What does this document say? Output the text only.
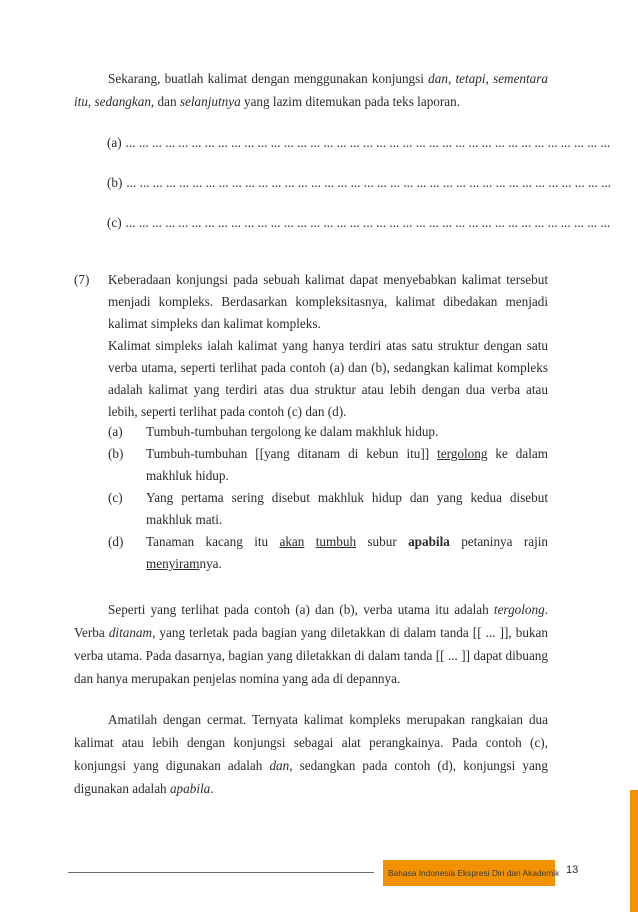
Sekarang, buatlah kalimat dengan menggunakan konjungsi dan, tetapi, sementara itu, sedangkan, dan selanjutnya yang lazim ditemukan pada teks laporan.

(a) ... ... ... ... ... ... ... ... ... ... ... ... ... ... ... ... ... ... ... ... ... ... ... ... ... ... ... ... ... ... ... ... ... ... ... ... ...
(b) ... ... ... ... ... ... ... ... ... ... ... ... ... ... ... ... ... ... ... ... ... ... ... ... ... ... ... ... ... ... ... ... ... ... ... ... ...
(c) ... ... ... ... ... ... ... ... ... ... ... ... ... ... ... ... ... ... ... ... ... ... ... ... ... ... ... ... ... ... ... ... ... ... ... ... ...
(7) Keberadaan konjungsi pada sebuah kalimat dapat menyebabkan kalimat tersebut menjadi kompleks. Berdasarkan kompleksitasnya, kalimat dibedakan menjadi kalimat simpleks dan kalimat kompleks.

Kalimat simpleks ialah kalimat yang hanya terdiri atas satu struktur dengan satu verba utama, seperti terlihat pada contoh (a) dan (b), sedangkan kalimat kompleks adalah kalimat yang terdiri atas dua struktur atau lebih dengan dua verba atau lebih, seperti terlihat pada contoh (c) dan (d).

(a) Tumbuh-tumbuhan tergolong ke dalam makhluk hidup.
(b) Tumbuh-tumbuhan [[yang ditanam di kebun itu]] tergolong ke dalam makhluk hidup.
(c) Yang pertama sering disebut makhluk hidup dan yang kedua disebut makhluk mati.
(d) Tanaman kacang itu akan tumbuh subur apabila petaninya rajin menyiramnya.

Seperti yang terlihat pada contoh (a) dan (b), verba utama itu adalah tergolong. Verba ditanam, yang terletak pada bagian yang diletakkan di dalam tanda [[ ... ]], bukan verba utama. Pada dasarnya, bagian yang diletakkan di dalam tanda [[ ... ]] dapat dibuang dan hanya merupakan penjelas nomina yang ada di depannya.

Amatilah dengan cermat. Ternyata kalimat kompleks merupakan rangkaian dua kalimat atau lebih dengan konjungsi sebagai alat perangkainya. Pada contoh (c), konjungsi yang digunakan adalah dan, sedangkan pada contoh (d), konjungsi yang digunakan adalah apabila.

Bahasa Indonesia Ekspresi Diri dan Akademik 13
